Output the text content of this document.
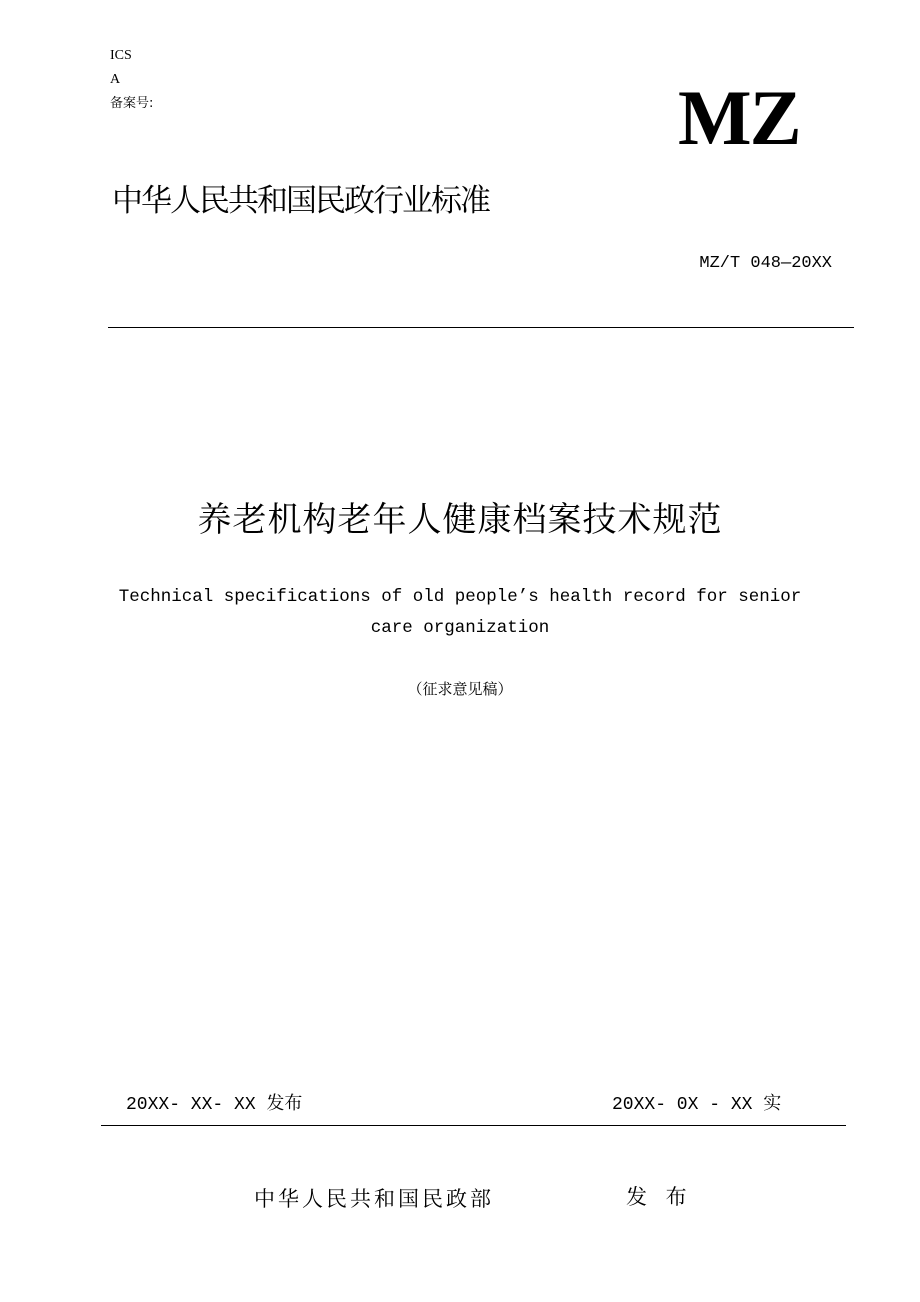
ICS
A
备案号:	MZ
中华人民共和国民政行业标准
MZ/T 048—20XX
养老机构老年人健康档案技术规范
Technical specifications of old people’s health record for senior
care organization
（征求意见稿）
20XX- XX- XX 发布	20XX- 0X - XX 实
中华人民共和国民政部	发 布
